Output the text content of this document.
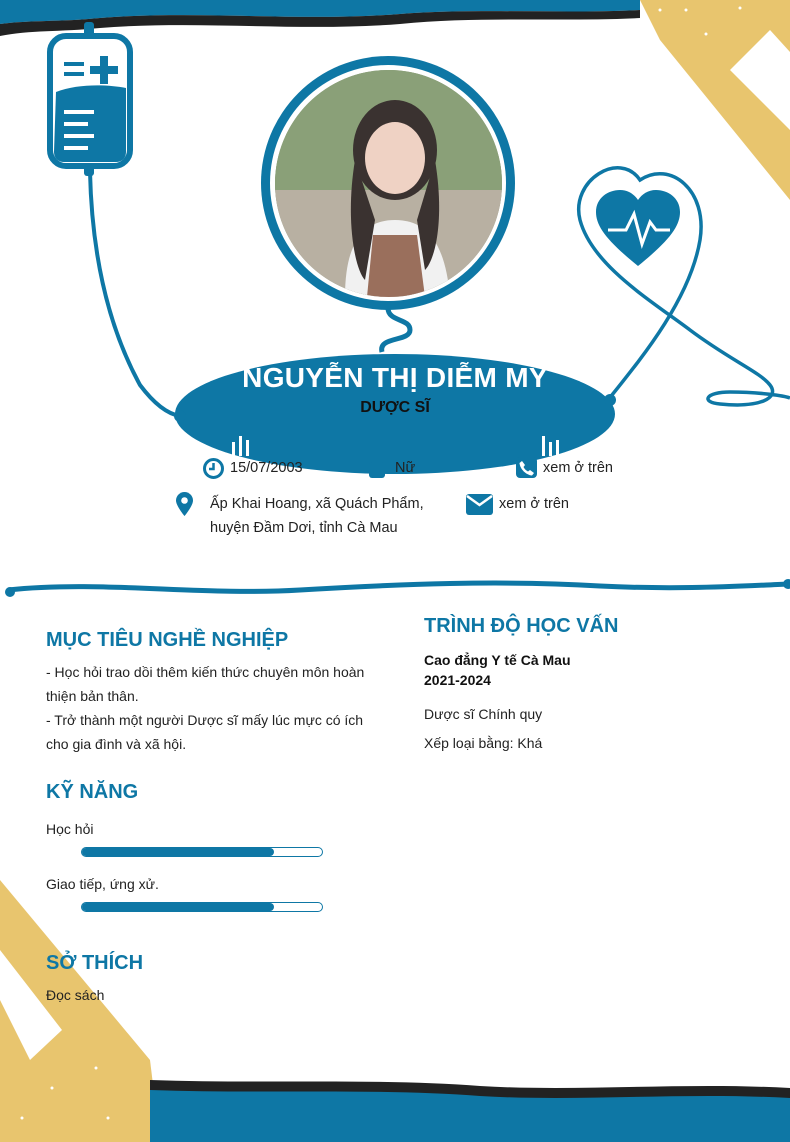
NGUYỄN THỊ DIỄM MY
DƯỢC SĨ
15/07/2003	Nữ	xem ở trên
Ấp Khai Hoang, xã Quách Phẩm,
huyện Đầm Dơi, tỉnh Cà Mau
xem ở trên
MỤC TIÊU NGHỀ NGHIỆP
- Học hỏi trao dồi thêm kiến thức chuyên môn hoàn
thiện bản thân.
- Trở thành một người Dược sĩ mấy lúc mực có ích
cho gia đình và xã hội.
TRÌNH ĐỘ HỌC VẤN
Cao đẳng Y tế Cà Mau
2021-2024
Dược sĩ Chính quy
Xếp loại bằng: Khá
KỸ NĂNG
Học hỏi
Giao tiếp, ứng xử.
SỞ THÍCH
Đọc sách
